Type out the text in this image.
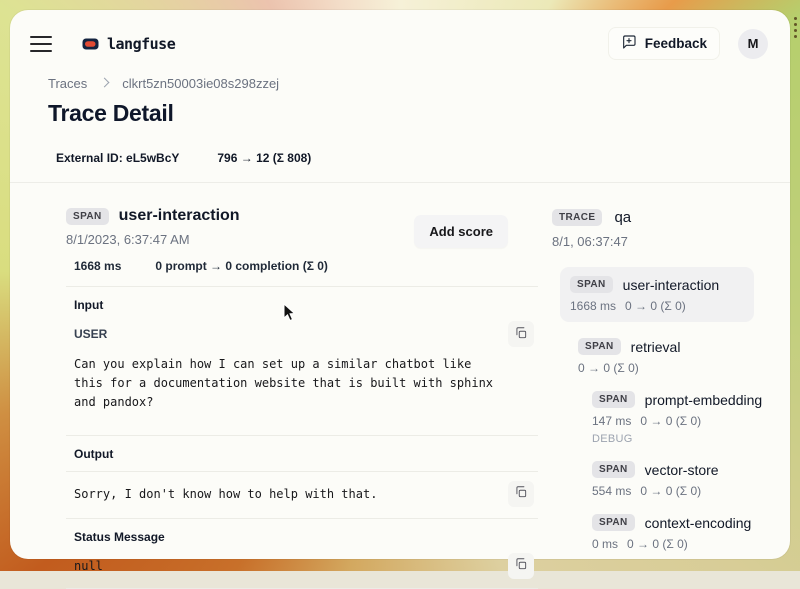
langfuse	Feedback	M
Traces	clkrt5zn50003ie08s298zzej
Trace Detail
External ID: eL5wBcY	796 → 12 (Σ 808)
SPAN	user-interaction
Add score
8/1/2023, 6:37:47 AM
1668 ms	0 prompt → 0 completion (Σ 0)
Input
USER
Can you explain how I can set up a similar chatbot like this for a documentation website that is built with sphinx and pandox?
Output
Sorry, I don't know how to help with that.
Status Message
null
TRACE	qa
8/1, 06:37:47
SPAN	user-interaction
1668 ms 0 → 0 (Σ 0)
SPAN	retrieval
0 → 0 (Σ 0)
SPAN	prompt-embedding
147 ms 0 → 0 (Σ 0)
DEBUG
SPAN	vector-store
554 ms 0 → 0 (Σ 0)
SPAN	context-encoding
0 ms 0 → 0 (Σ 0)
